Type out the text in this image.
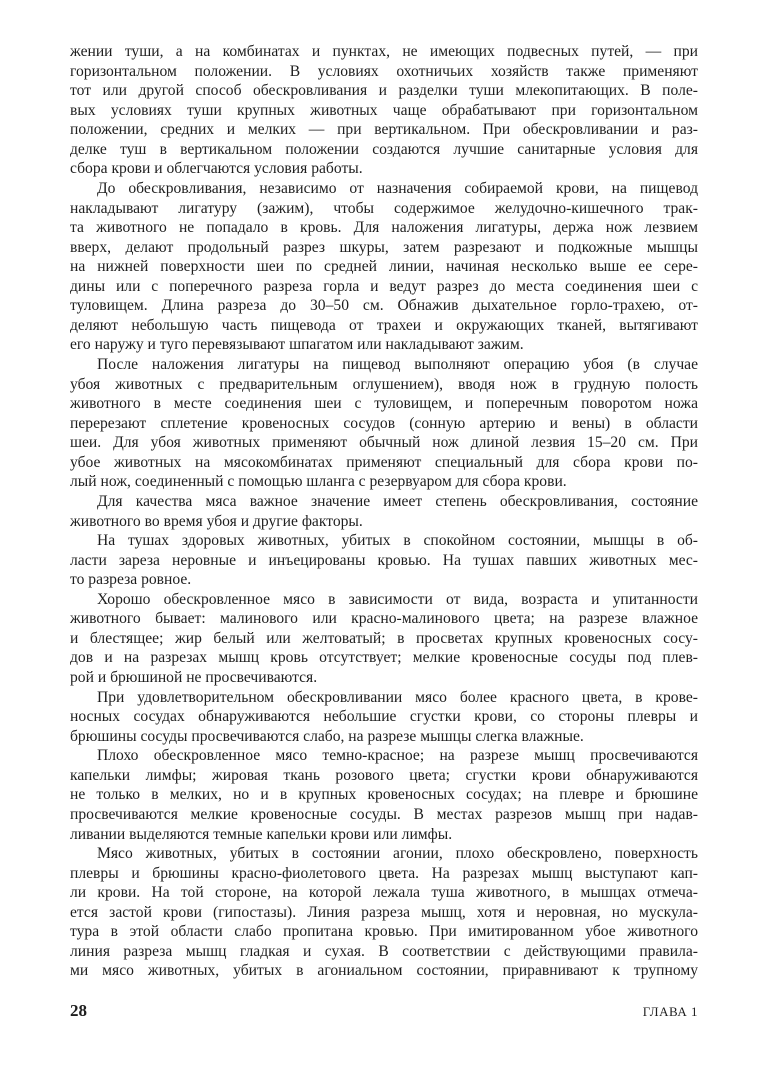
жении туши, а на комбинатах и пунктах, не имеющих подвесных путей, — при
горизонтальном положении. В условиях охотничьих хозяйств также применяют
тот или другой способ обескровливания и разделки туши млекопитающих. В поле-
вых условиях туши крупных животных чаще обрабатывают при горизонтальном
положении, средних и мелких — при вертикальном. При обескровливании и раз-
делке туш в вертикальном положении создаются лучшие санитарные условия для
сбора крови и облегчаются условия работы.
До обескровливания, независимо от назначения собираемой крови, на пищевод
накладывают лигатуру (зажим), чтобы содержимое желудочно-кишечного трак-
та животного не попадало в кровь. Для наложения лигатуры, держа нож лезвием
вверх, делают продольный разрез шкуры, затем разрезают и подкожные мышцы
на нижней поверхности шеи по средней линии, начиная несколько выше ее сере-
дины или с поперечного разреза горла и ведут разрез до места соединения шеи с
туловищем. Длина разреза до 30–50 см. Обнажив дыхательное горло-трахею, от-
деляют небольшую часть пищевода от трахеи и окружающих тканей, вытягивают
его наружу и туго перевязывают шпагатом или накладывают зажим.
После наложения лигатуры на пищевод выполняют операцию убоя (в случае
убоя животных с предварительным оглушением), вводя нож в грудную полость
животного в месте соединения шеи с туловищем, и поперечным поворотом ножа
перерезают сплетение кровеносных сосудов (сонную артерию и вены) в области
шеи. Для убоя животных применяют обычный нож длиной лезвия 15–20 см. При
убое животных на мясокомбинатах применяют специальный для сбора крови по-
лый нож, соединенный с помощью шланга с резервуаром для сбора крови.
Для качества мяса важное значение имеет степень обескровливания, состояние
животного во время убоя и другие факторы.
На тушах здоровых животных, убитых в спокойном состоянии, мышцы в об-
ласти зареза неровные и инъецированы кровью. На тушах павших животных мес-
то разреза ровное.
Хорошо обескровленное мясо в зависимости от вида, возраста и упитанности
животного бывает: малинового или красно-малинового цвета; на разрезе влажное
и блестящее; жир белый или желтоватый; в просветах крупных кровеносных сосу-
дов и на разрезах мышц кровь отсутствует; мелкие кровеносные сосуды под плев-
рой и брюшиной не просвечиваются.
При удовлетворительном обескровливании мясо более красного цвета, в крове-
носных сосудах обнаруживаются небольшие сгустки крови, со стороны плевры и
брюшины сосуды просвечиваются слабо, на разрезе мышцы слегка влажные.
Плохо обескровленное мясо темно-красное; на разрезе мышц просвечиваются
капельки лимфы; жировая ткань розового цвета; сгустки крови обнаруживаются
не только в мелких, но и в крупных кровеносных сосудах; на плевре и брюшине
просвечиваются мелкие кровеносные сосуды. В местах разрезов мышц при надав-
ливании выделяются темные капельки крови или лимфы.
Мясо животных, убитых в состоянии агонии, плохо обескровлено, поверхность
плевры и брюшины красно-фиолетового цвета. На разрезах мышц выступают кап-
ли крови. На той стороне, на которой лежала туша животного, в мышцах отмеча-
ется застой крови (гипостазы). Линия разреза мышц, хотя и неровная, но мускула-
тура в этой области слабо пропитана кровью. При имитированном убое животного
линия разреза мышц гладкая и сухая. В соответствии с действующими правила-
ми мясо животных, убитых в агониальном состоянии, приравнивают к трупному
28	ГЛАВА 1
